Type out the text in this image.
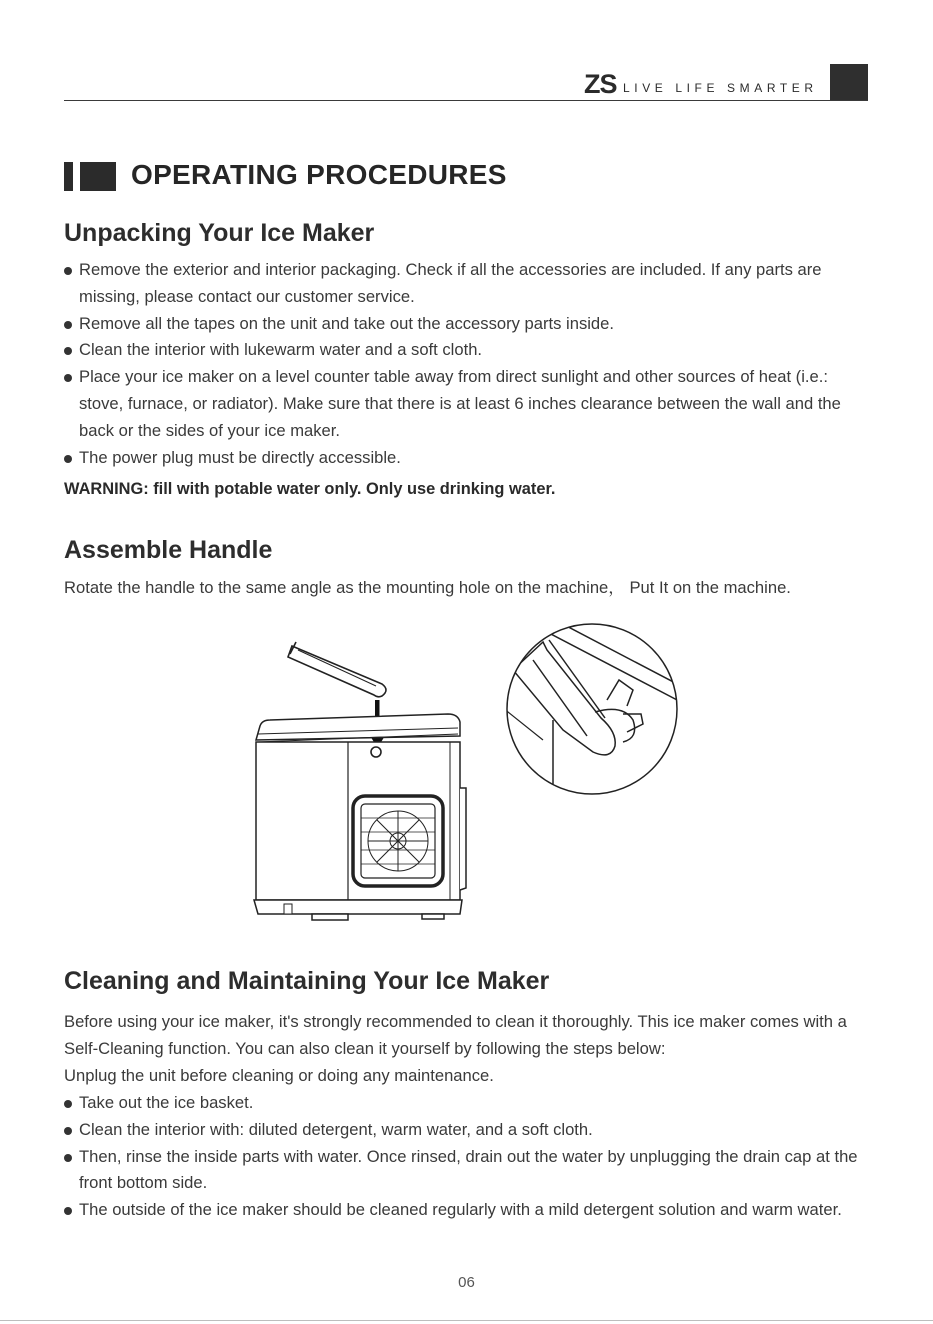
ZS LIVE LIFE SMARTER
OPERATING PROCEDURES
Unpacking Your Ice Maker
Remove the exterior and interior packaging. Check if all the accessories are included. If any parts are missing, please contact our customer service.
Remove all the tapes on the unit and take out the accessory parts inside.
Clean the interior with lukewarm water and a soft cloth.
Place your ice maker on a level counter table away from direct sunlight and other sources of heat (i.e.: stove, furnace, or radiator). Make sure that there is at least 6 inches clearance between the wall and the back or the sides of your ice maker.
The power plug must be directly accessible.
WARNING: fill with potable water only. Only use drinking water.
Assemble Handle

Rotate the handle to the same angle as the mounting hole on the machine， Put It on the machine.

Cleaning and Maintaining Your Ice Maker

Before using your ice maker, it's strongly recommended to clean it thoroughly. This ice maker comes with a Self-Cleaning function. You can also clean it yourself by following the steps below:

Unplug the unit before cleaning or doing any maintenance.

Take out the ice basket.
Clean the interior with: diluted detergent, warm water, and a soft cloth.
Then, rinse the inside parts with water. Once rinsed, drain out the water by unplugging the drain cap at the front bottom side.
The outside of the ice maker should be cleaned regularly with a mild detergent solution and warm water.
06
